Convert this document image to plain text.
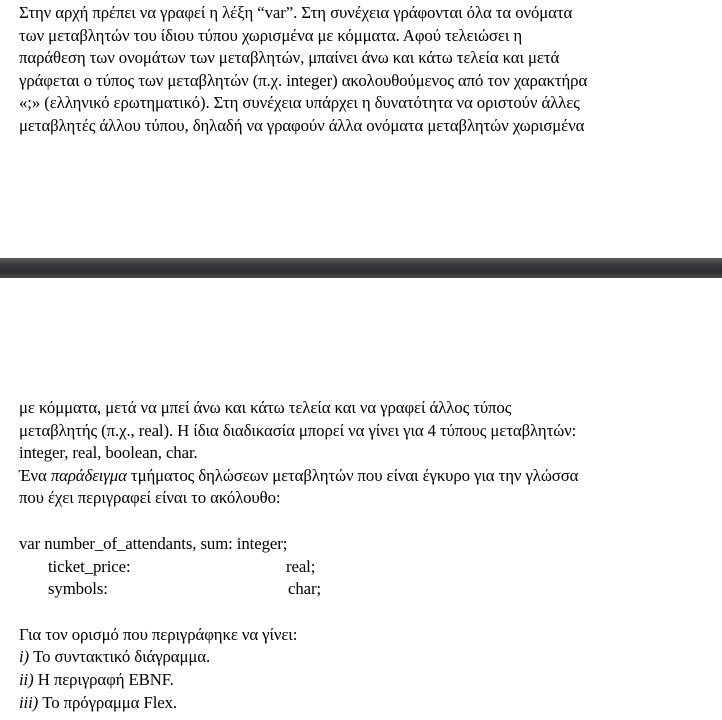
Στην αρχή πρέπει να γραφεί η λέξη “var”. Στη συνέχεια γράφονται όλα τα ονόματα
των μεταβλητών του ίδιου τύπου χωρισμένα με κόμματα. Αφού τελειώσει η
παράθεση των ονομάτων των μεταβλητών, μπαίνει άνω και κάτω τελεία και μετά
γράφεται ο τύπος των μεταβλητών (π.χ. integer) ακολουθούμενος από τον χαρακτήρα
«;» (ελληνικό ερωτηματικό). Στη συνέχεια υπάρχει η δυνατότητα να οριστούν άλλες
μεταβλητές άλλου τύπου, δηλαδή να γραφούν άλλα ονόματα μεταβλητών χωρισμένα
με κόμματα, μετά να μπεί άνω και κάτω τελεία και να γραφεί άλλος τύπος
μεταβλητής (π.χ., real). Η ίδια διαδικασία μπορεί να γίνει για 4 τύπους μεταβλητών:
integer, real, boolean, char.
Ένα παράδειγμα τμήματος δηλώσεων μεταβλητών που είναι έγκυρο για την γλώσσα
που έχει περιγραφεί είναι το ακόλουθο:
var number_of_attendants, sum: integer;
ticket_price:	real;
symbols:	char;
Για τον ορισμό που περιγράφηκε να γίνει:
i) Το συντακτικό διάγραμμα.
ii) Η περιγραφή EBNF.
iii) Το πρόγραμμα Flex.
